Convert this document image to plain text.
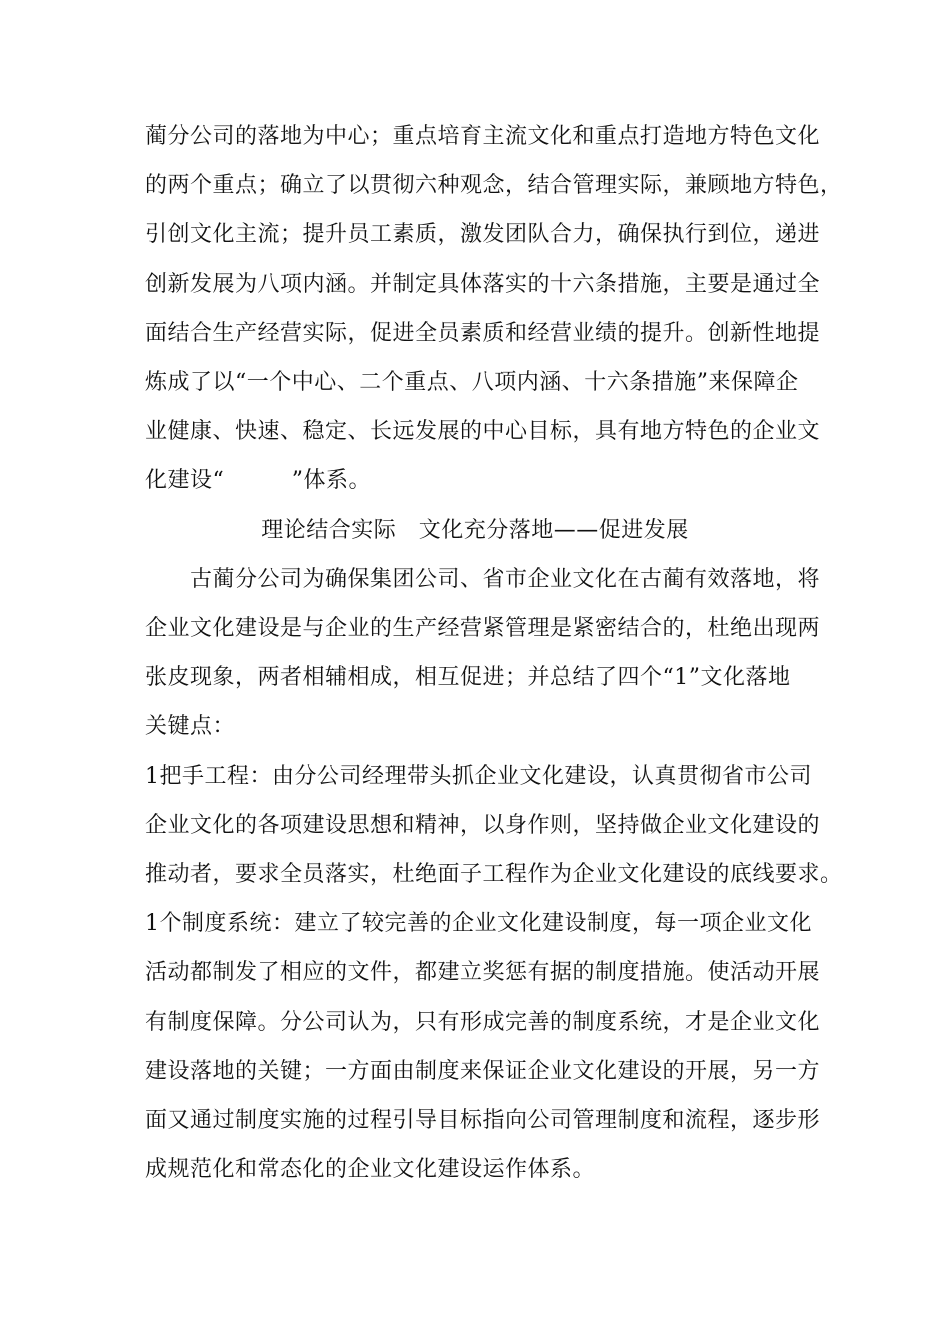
蔺分公司的落地为中心；重点培育主流文化和重点打造地方特色文化
的两个重点；确立了以贯彻六种观念，结合管理实际，兼顾地方特色，
引创文化主流；提升员工素质，激发团队合力，确保执行到位，递进
创新发展为八项内涵。并制定具体落实的十六条措施，主要是通过全
面结合生产经营实际，促进全员素质和经营业绩的提升。创新性地提
炼成了以“一个中心、二个重点、八项内涵、十六条措施”来保障企
业健康、快速、稳定、长远发展的中心目标，具有地方特色的企业文
化建设“　　　”体系。
理论结合实际　文化充分落地——促进发展
古蔺分公司为确保集团公司、省市企业文化在古蔺有效落地，将
企业文化建设是与企业的生产经营紧管理是紧密结合的，杜绝出现两
张皮现象，两者相辅相成，相互促进；并总结了四个“1”文化落地
关键点：
1把手工程：由分公司经理带头抓企业文化建设，认真贯彻省市公司
企业文化的各项建设思想和精神，以身作则，坚持做企业文化建设的
推动者，要求全员落实，杜绝面子工程作为企业文化建设的底线要求。
1个制度系统：建立了较完善的企业文化建设制度，每一项企业文化
活动都制发了相应的文件，都建立奖惩有据的制度措施。使活动开展
有制度保障。分公司认为，只有形成完善的制度系统，才是企业文化
建设落地的关键；一方面由制度来保证企业文化建设的开展，另一方
面又通过制度实施的过程引导目标指向公司管理制度和流程，逐步形
成规范化和常态化的企业文化建设运作体系。
